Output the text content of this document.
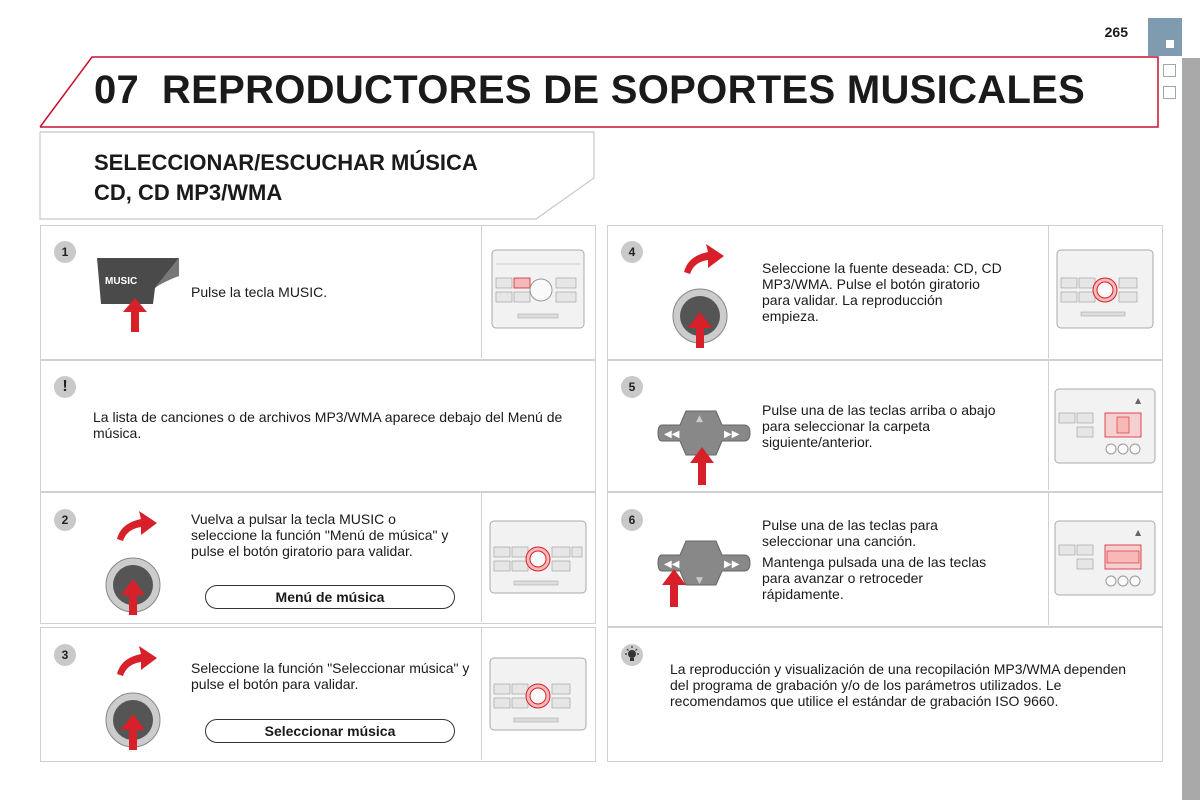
265
07 REPRODUCTORES DE SOPORTES MUSICALES
SELECCIONAR/ESCUCHAR MÚSICA
CD, CD MP3/WMA
1
MUSIC
Pulse la tecla MUSIC.
!
La lista de canciones o de archivos MP3/WMA aparece debajo del Menú de música.
2	Vuelva a pulsar la tecla MUSIC o seleccione la función "Menú de música" y pulse el botón giratorio para validar.
Menú de música
3
Seleccione la función "Seleccionar música" y pulse el botón para validar.
Seleccionar música
4
Seleccione la fuente deseada: CD, CD MP3/WMA. Pulse el botón giratorio para validar. La reproducción empieza.
5
◀◀	▶▶
▲
Pulse una de las teclas arriba o abajo para seleccionar la carpeta siguiente/anterior.
▲
6
◀◀	▶▶
▼
Pulse una de las teclas para seleccionar una canción.
Mantenga pulsada una de las teclas para avanzar o retroceder rápidamente.
▲
La reproducción y visualización de una recopilación MP3/WMA dependen del programa de grabación y/o de los parámetros utilizados. Le recomendamos que utilice el estándar de grabación ISO 9660.
